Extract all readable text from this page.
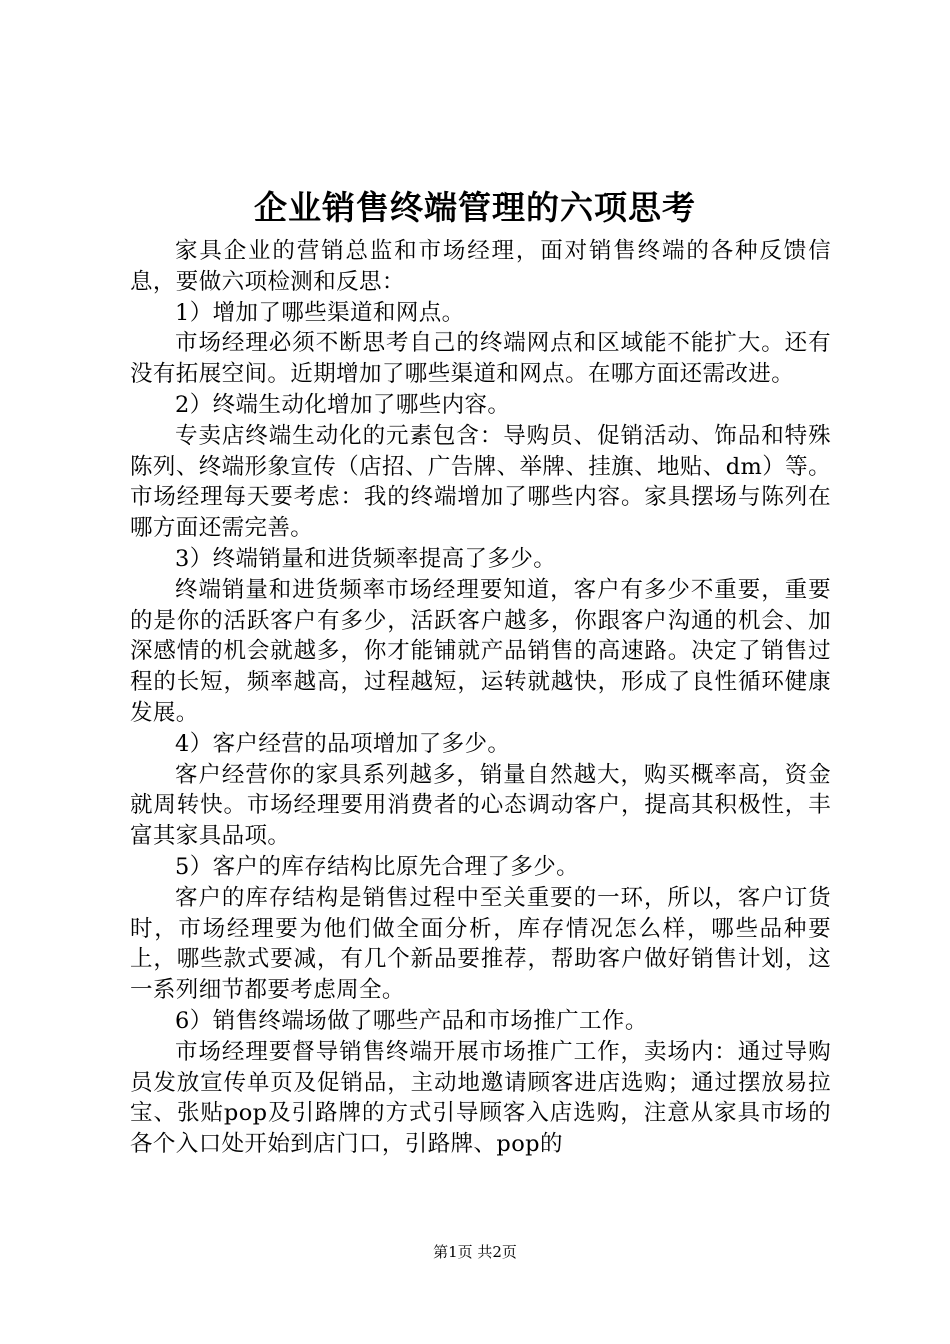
企业销售终端管理的六项思考

家具企业的营销总监和市场经理，面对销售终端的各种反馈信息，要做六项检测和反思：

1）增加了哪些渠道和网点。

市场经理必须不断思考自己的终端网点和区域能不能扩大。还有没有拓展空间。近期增加了哪些渠道和网点。在哪方面还需改进。

2）终端生动化增加了哪些内容。

专卖店终端生动化的元素包含：导购员、促销活动、饰品和特殊陈列、终端形象宣传（店招、广告牌、举牌、挂旗、地贴、dm）等。市场经理每天要考虑：我的终端增加了哪些内容。家具摆场与陈列在哪方面还需完善。

3）终端销量和进货频率提高了多少。

终端销量和进货频率市场经理要知道，客户有多少不重要，重要的是你的活跃客户有多少，活跃客户越多，你跟客户沟通的机会、加深感情的机会就越多，你才能铺就产品销售的高速路。决定了销售过程的长短，频率越高，过程越短，运转就越快，形成了良性循环健康发展。

4）客户经营的品项增加了多少。

客户经营你的家具系列越多，销量自然越大，购买概率高，资金就周转快。市场经理要用消费者的心态调动客户，提高其积极性，丰富其家具品项。

5）客户的库存结构比原先合理了多少。

客户的库存结构是销售过程中至关重要的一环，所以，客户订货时，市场经理要为他们做全面分析，库存情况怎么样，哪些品种要上，哪些款式要减，有几个新品要推荐，帮助客户做好销售计划，这一系列细节都要考虑周全。

6）销售终端场做了哪些产品和市场推广工作。

市场经理要督导销售终端开展市场推广工作，卖场内：通过导购员发放宣传单页及促销品，主动地邀请顾客进店选购；通过摆放易拉宝、张贴pop及引路牌的方式引导顾客入店选购，注意从家具市场的各个入口处开始到店门口，引路牌、pop的

第1页 共2页
